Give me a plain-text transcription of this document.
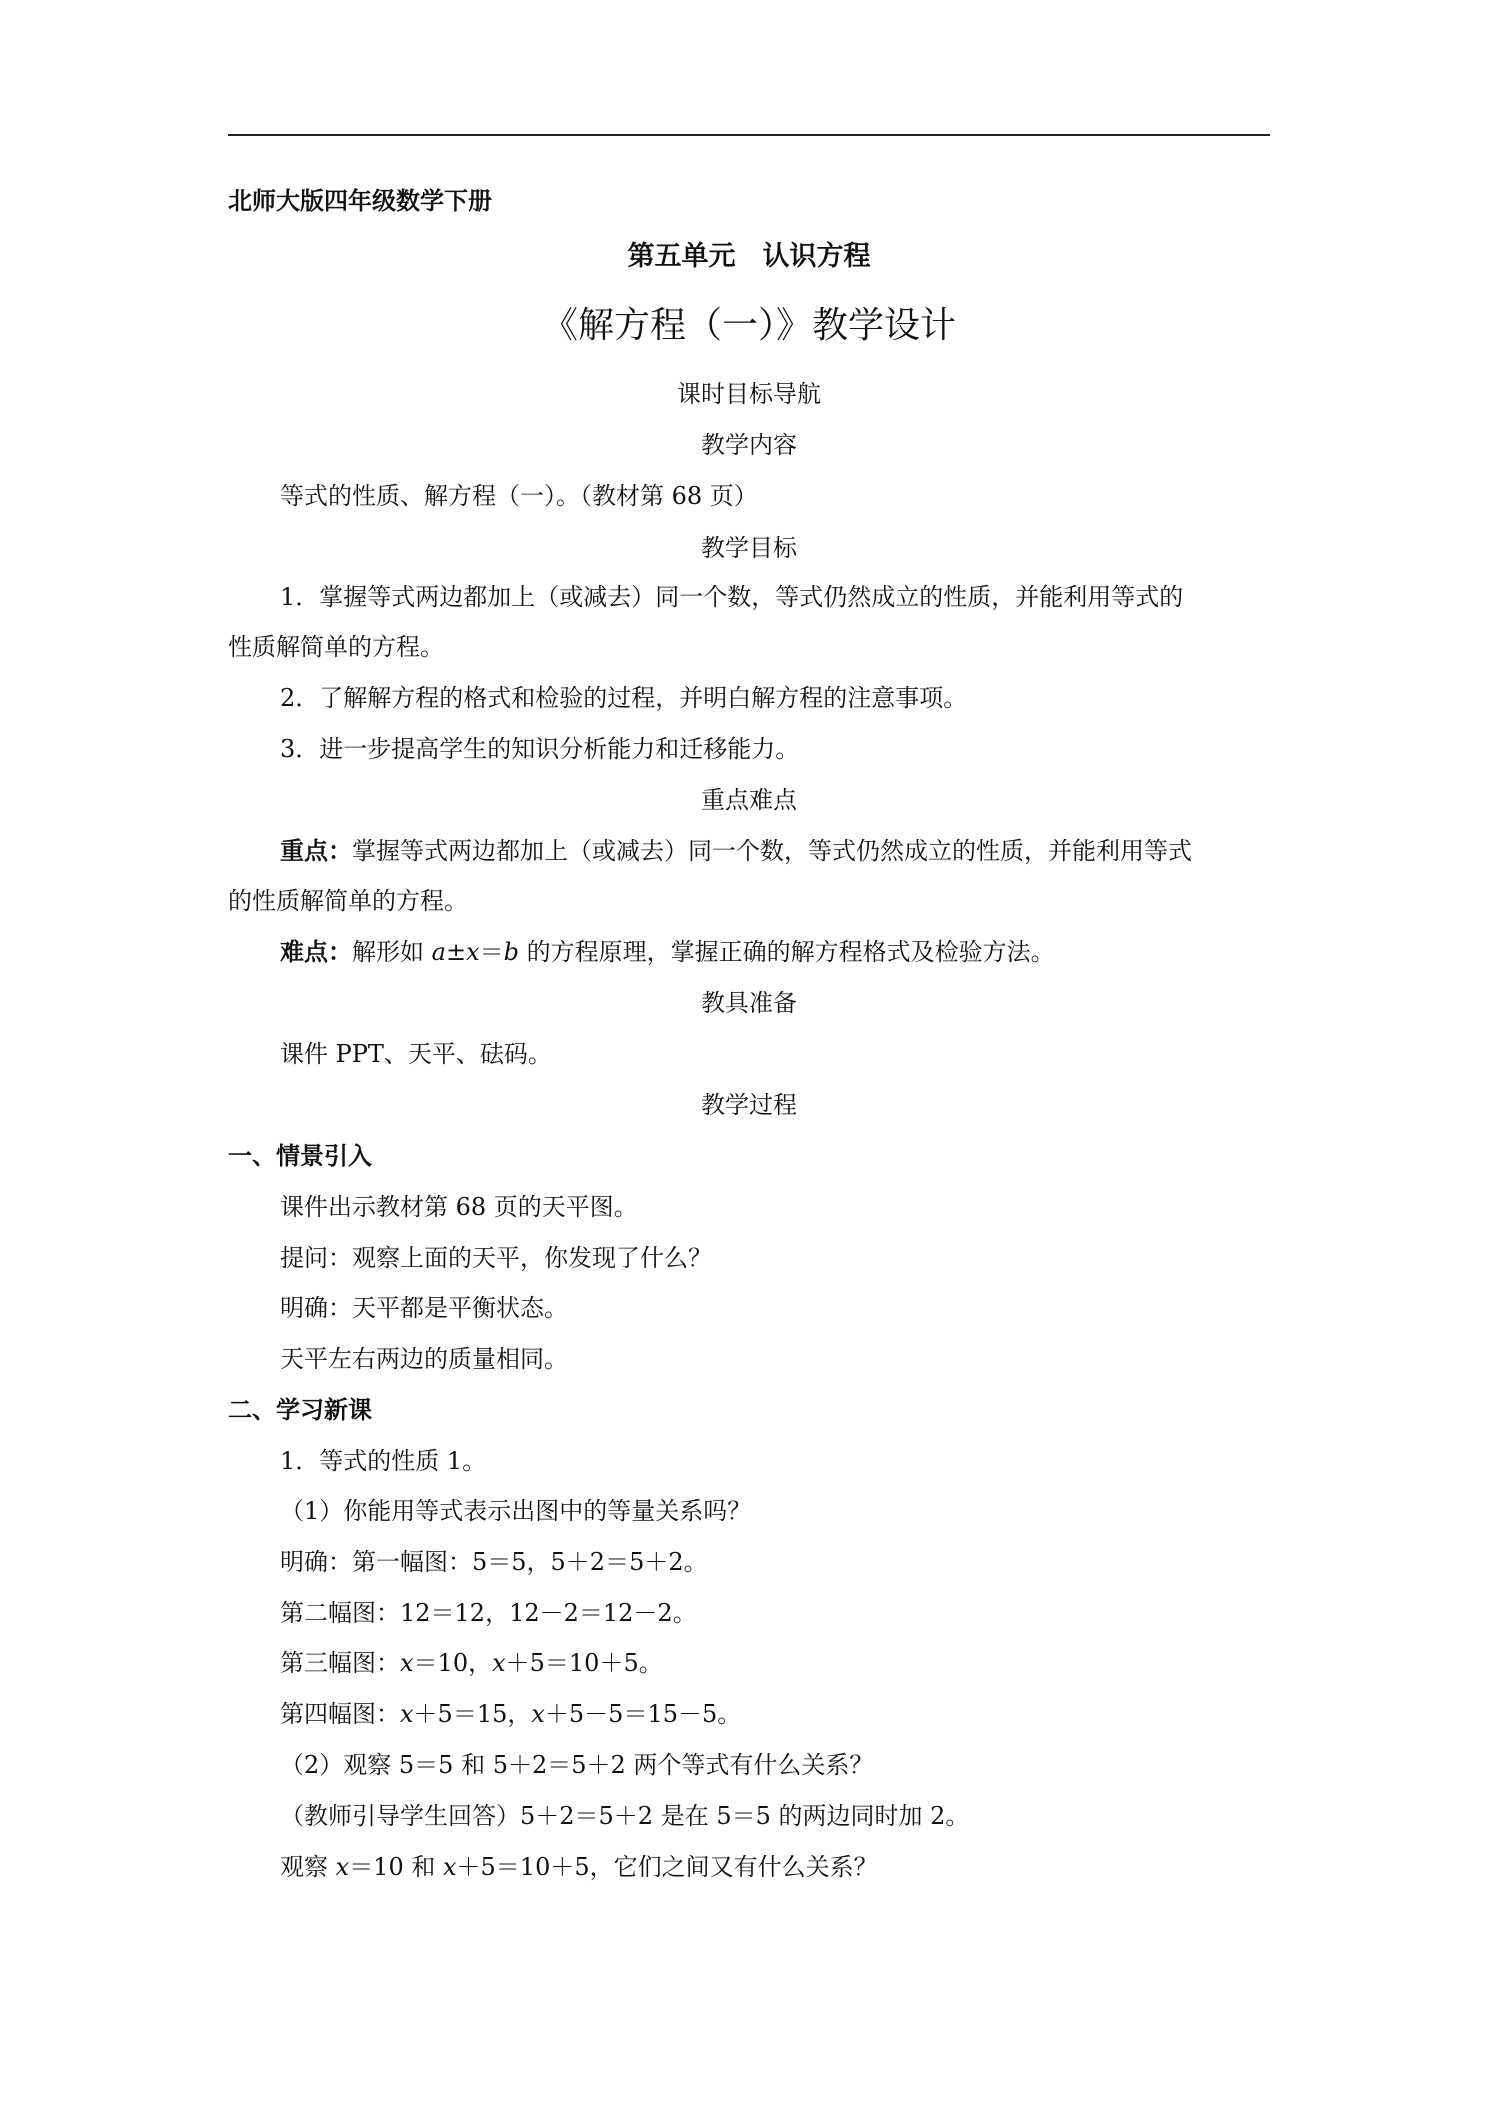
北师大版四年级数学下册
第五单元　认识方程
《解方程（一）》教学设计
课时目标导航
教学内容
等式的性质、解方程（一）。（教材第 68 页）
教学目标
1．掌握等式两边都加上（或减去）同一个数，等式仍然成立的性质，并能利用等式的
性质解简单的方程。
2．了解解方程的格式和检验的过程，并明白解方程的注意事项。
3．进一步提高学生的知识分析能力和迁移能力。
重点难点
重点：掌握等式两边都加上（或减去）同一个数，等式仍然成立的性质，并能利用等式
的性质解简单的方程。
难点：解形如 a±x＝b 的方程原理，掌握正确的解方程格式及检验方法。
教具准备
课件 PPT、天平、砝码。
教学过程
一、情景引入
课件出示教材第 68 页的天平图。
提问：观察上面的天平，你发现了什么？
明确：天平都是平衡状态。
天平左右两边的质量相同。
二、学习新课
1．等式的性质 1。
（1）你能用等式表示出图中的等量关系吗？
明确：第一幅图：5＝5，5＋2＝5＋2。
第二幅图：12＝12，12－2＝12－2。
第三幅图：x＝10，x＋5＝10＋5。
第四幅图：x＋5＝15，x＋5－5＝15－5。
（2）观察 5＝5 和 5＋2＝5＋2 两个等式有什么关系？
（教师引导学生回答）5＋2＝5＋2 是在 5＝5 的两边同时加 2。
观察 x＝10 和 x＋5＝10＋5，它们之间又有什么关系？
